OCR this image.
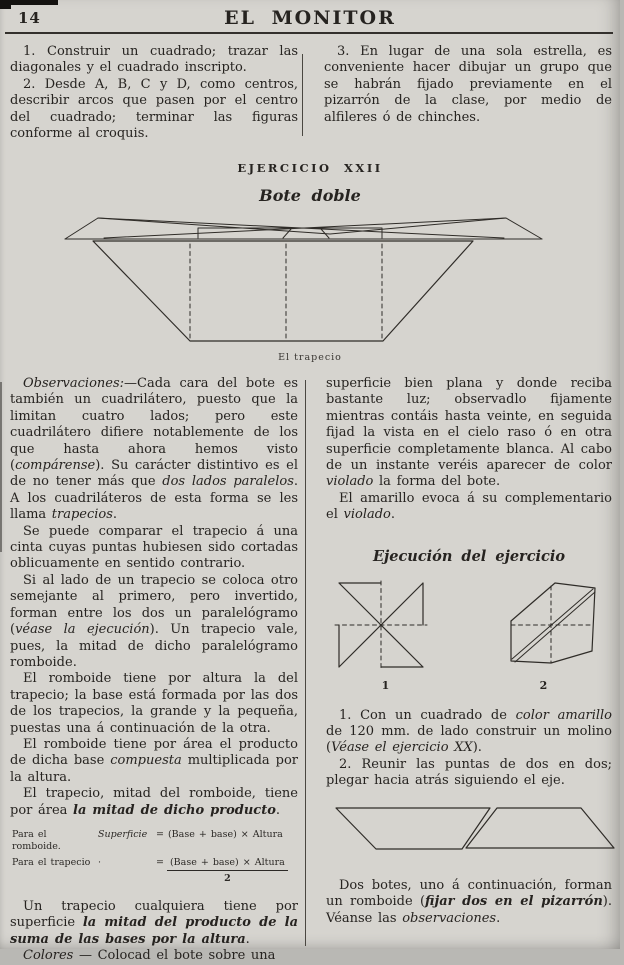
14	EL MONITOR

1. Construir un cuadrado; trazar las diagonales y el cuadrado inscripto.

2. Desde A, B, C y D, como centros, describir arcos que pasen por el centro del cuadrado; terminar las figuras conforme al croquis.

3. En lugar de una sola estrella, es conveniente hacer dibujar un grupo que se habrán fijado previamente en el pizarrón de la clase, por medio de alfileres ó de chinches.

EJERCICIO XXII
Bote doble
El trapecio

Observaciones:—Cada cara del bote es también un cuadrilátero, puesto que la limitan cuatro lados; pero este cuadrilátero difiere notablemente de los que hasta ahora hemos visto (compárense). Su carácter distintivo es el de no tener más que dos lados paralelos. A los cuadriláteros de esta forma se les llama trapecios.

Se puede comparar el trapecio á una cinta cuyas puntas hubiesen sido cortadas oblicuamente en sentido contrario.

Si al lado de un trapecio se coloca otro semejante al primero, pero invertido, forman entre los dos un paralelógramo (véase la ejecución). Un trapecio vale, pues, la mitad de dicho paralelógramo romboide.

El romboide tiene por altura la del trapecio; la base está formada por las dos de los trapecios, la grande y la pequeña, puestas una á continuación de la otra.

El romboide tiene por área el producto de dicha base compuesta multiplicada por la altura.

El trapecio, mitad del romboide, tiene por área la mitad de dicho producto.

Para el romboide.
Superficie = (Base + base) × Altura
Para el trapecio ·	= $\frac{\text{(Base + base) × Altura}}{2}$

Un trapecio cualquiera tiene por superficie la mitad del producto de la suma de las bases por la altura.

Colores — Colocad el bote sobre una

superficie bien plana y donde reciba bastante luz; observadlo fijamente mientras contáis hasta veinte, en seguida fijad la vista en el cielo raso ó en otra superficie completamente blanca. Al cabo de un instante veréis aparecer de color violado la forma del bote.

El amarillo evoca á su complementario el violado.

Ejecución del ejercicio
1	2

1. Con un cuadrado de color amarillo de 120 mm. de lado construir un molino (Véase el ejercicio XX).

2. Reunir las puntas de dos en dos; plegar hacia atrás siguiendo el eje.

Dos botes, uno á continuación, forman un romboide (fijar dos en el pizarrón). Véanse las observaciones.
